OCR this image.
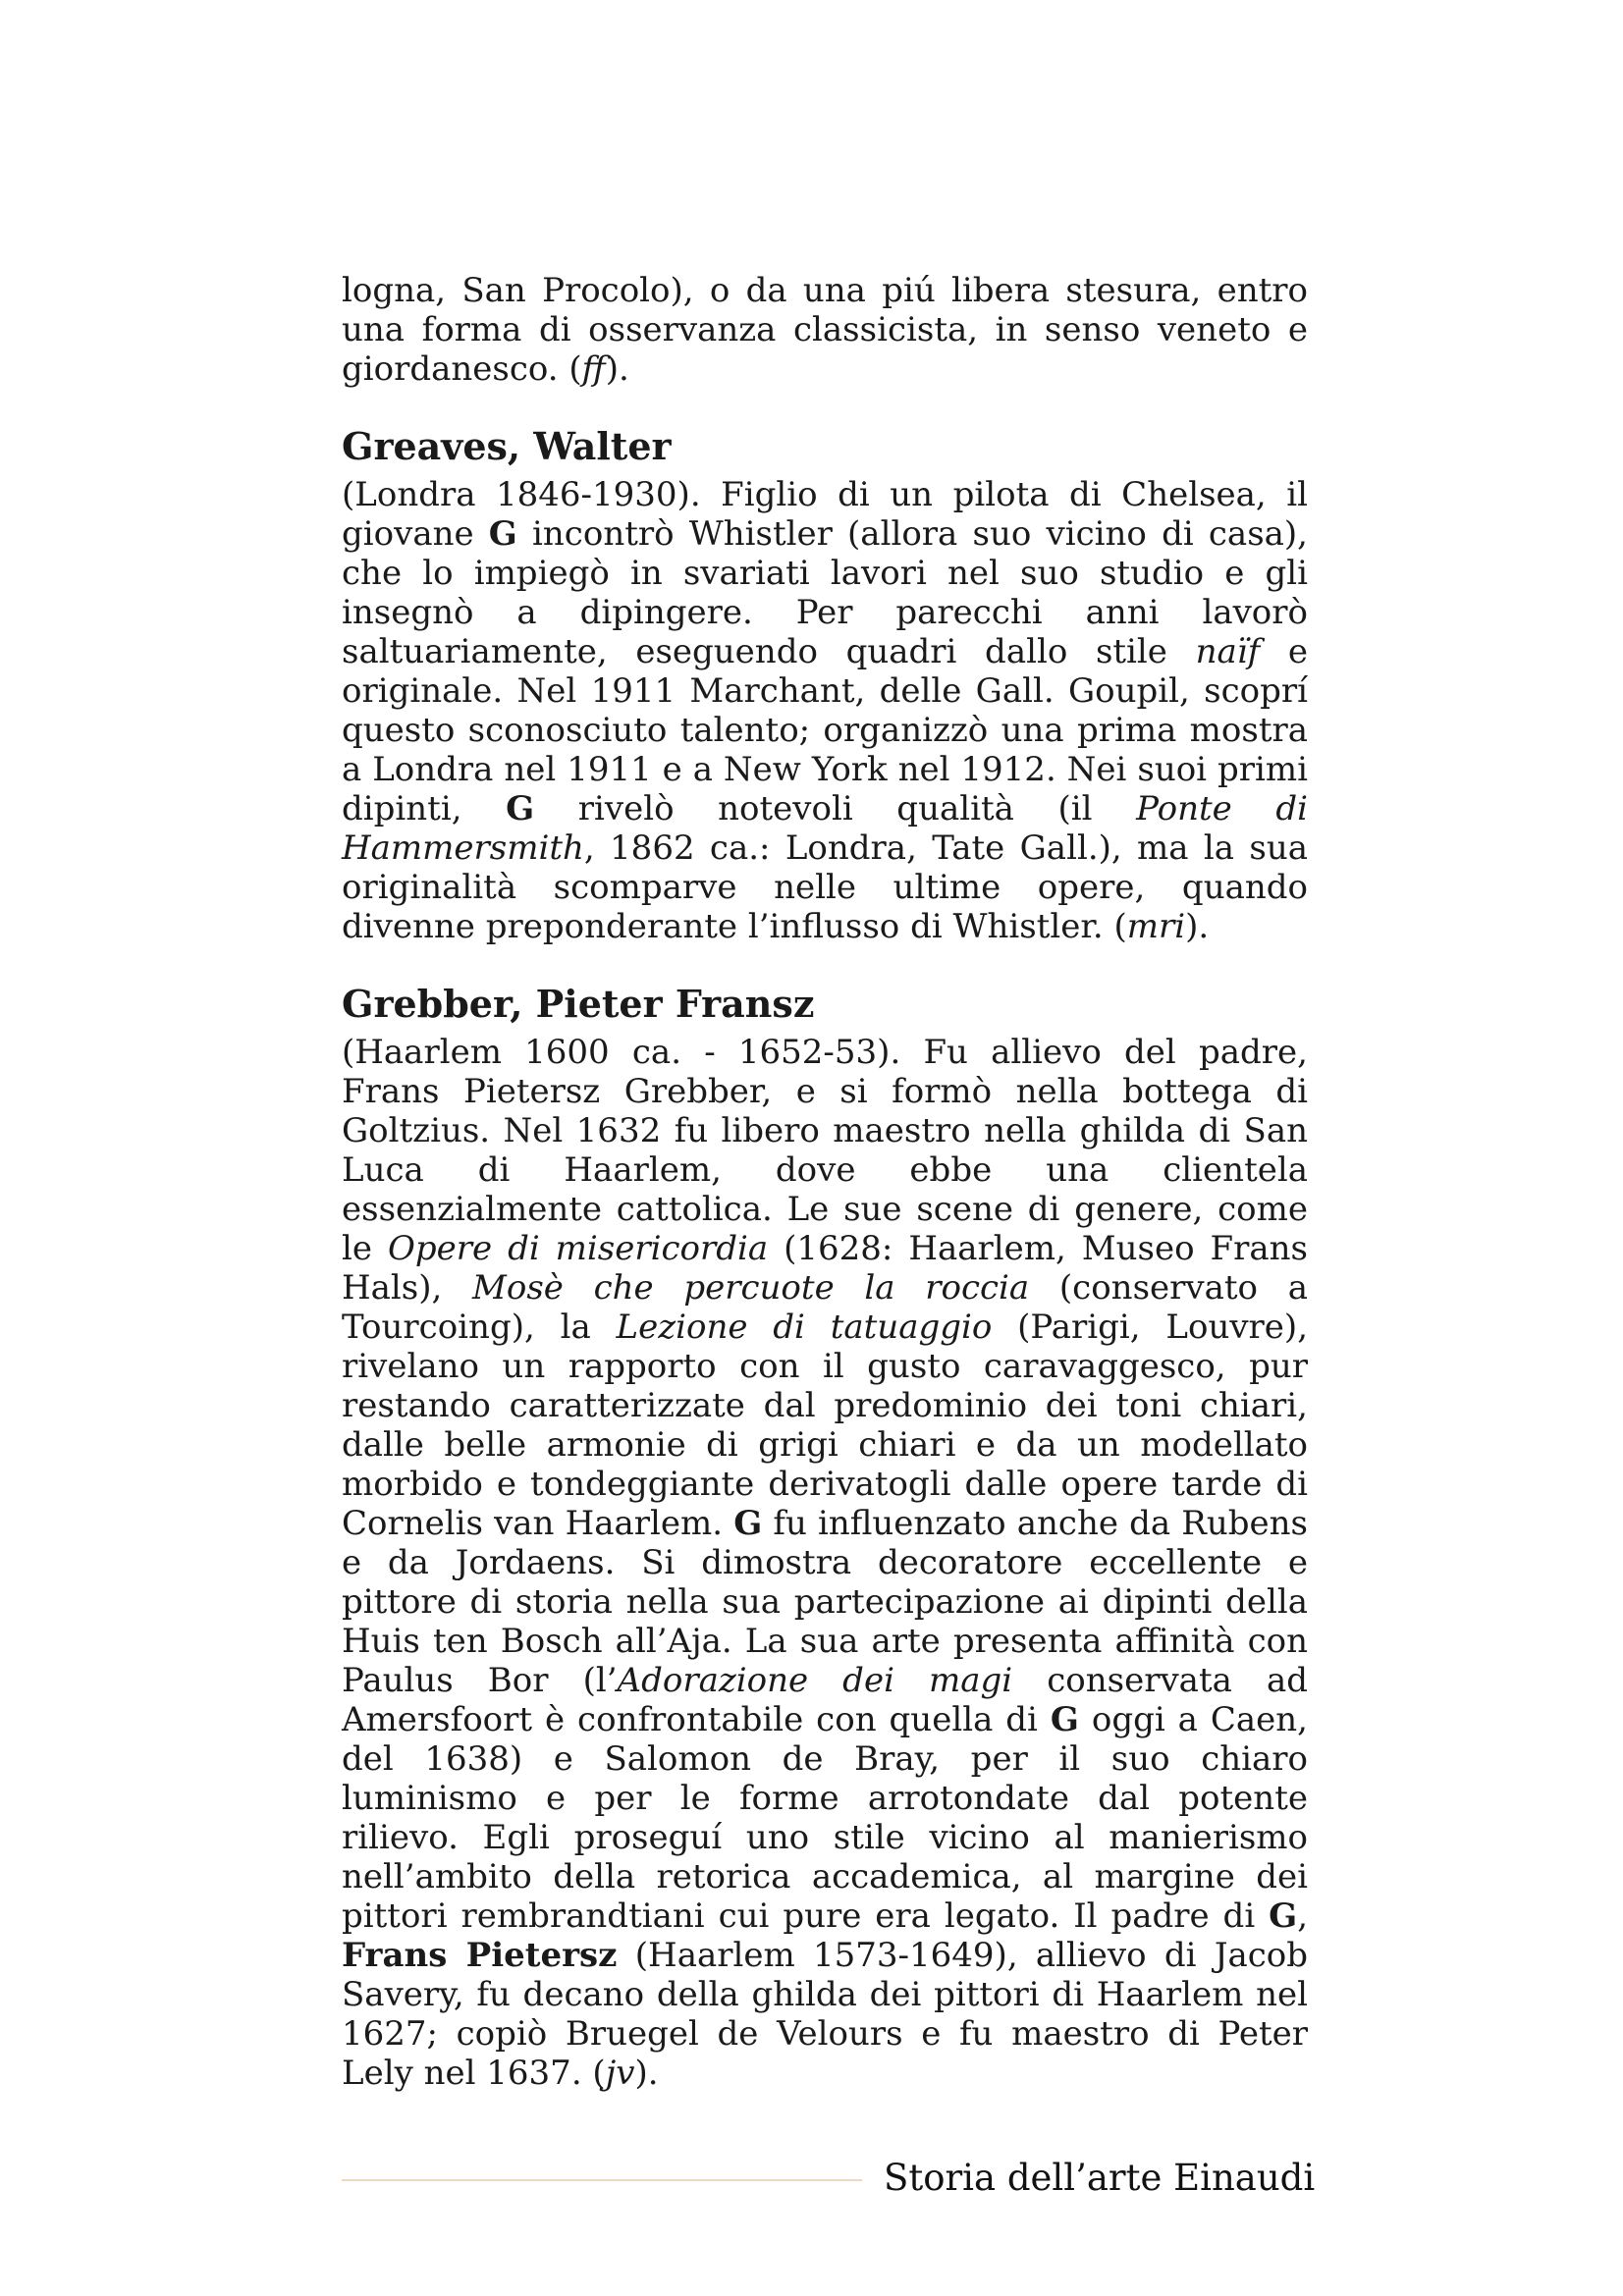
logna, San Procolo), o da una piú libera stesura, entro una forma di osservanza classicista, in senso veneto e giordanesco. (ff).

Greaves, Walter

(Londra 1846-1930). Figlio di un pilota di Chelsea, il giovane G incontrò Whistler (allora suo vicino di casa), che lo impiegò in svariati lavori nel suo studio e gli insegnò a dipingere. Per parecchi anni lavorò saltuariamente, eseguendo quadri dallo stile naïf e originale. Nel 1911 Marchant, delle Gall. Goupil, scoprí questo sconosciuto talento; organizzò una prima mostra a Londra nel 1911 e a New York nel 1912. Nei suoi primi dipinti, G rivelò notevoli qualità (il Ponte di Hammersmith, 1862 ca.: Londra, Tate Gall.), ma la sua originalità scomparve nelle ultime opere, quando divenne preponderante l’influsso di Whistler. (mri).

Grebber, Pieter Fransz

(Haarlem 1600 ca. - 1652-53). Fu allievo del padre, Frans Pietersz Grebber, e si formò nella bottega di Goltzius. Nel 1632 fu libero maestro nella ghilda di San Luca di Haarlem, dove ebbe una clientela essenzialmente cattolica. Le sue scene di genere, come le Opere di misericordia (1628: Haarlem, Museo Frans Hals), Mosè che percuote la roccia (conservato a Tourcoing), la Lezione di tatuaggio (Parigi, Louvre), rivelano un rapporto con il gusto caravaggesco, pur restando caratterizzate dal predominio dei toni chiari, dalle belle armonie di grigi chiari e da un modellato morbido e tondeggiante derivatogli dalle opere tarde di Cornelis van Haarlem. G fu influenzato anche da Rubens e da Jordaens. Si dimostra decoratore eccellente e pittore di storia nella sua partecipazione ai dipinti della Huis ten Bosch all’Aja. La sua arte presenta affinità con Paulus Bor (l’Adorazione dei magi conservata ad Amersfoort è confrontabile con quella di G oggi a Caen, del 1638) e Salomon de Bray, per il suo chiaro luminismo e per le forme arrotondate dal potente rilievo. Egli proseguí uno stile vicino al manierismo nell’ambito della retorica accademica, al margine dei pittori rembrandtiani cui pure era legato. Il padre di G, Frans Pietersz (Haarlem 1573-1649), allievo di Jacob Savery, fu decano della ghilda dei pittori di Haarlem nel 1627; copiò Bruegel de Velours e fu maestro di Peter Lely nel 1637. (jv).

Storia dell’arte Einaudi
